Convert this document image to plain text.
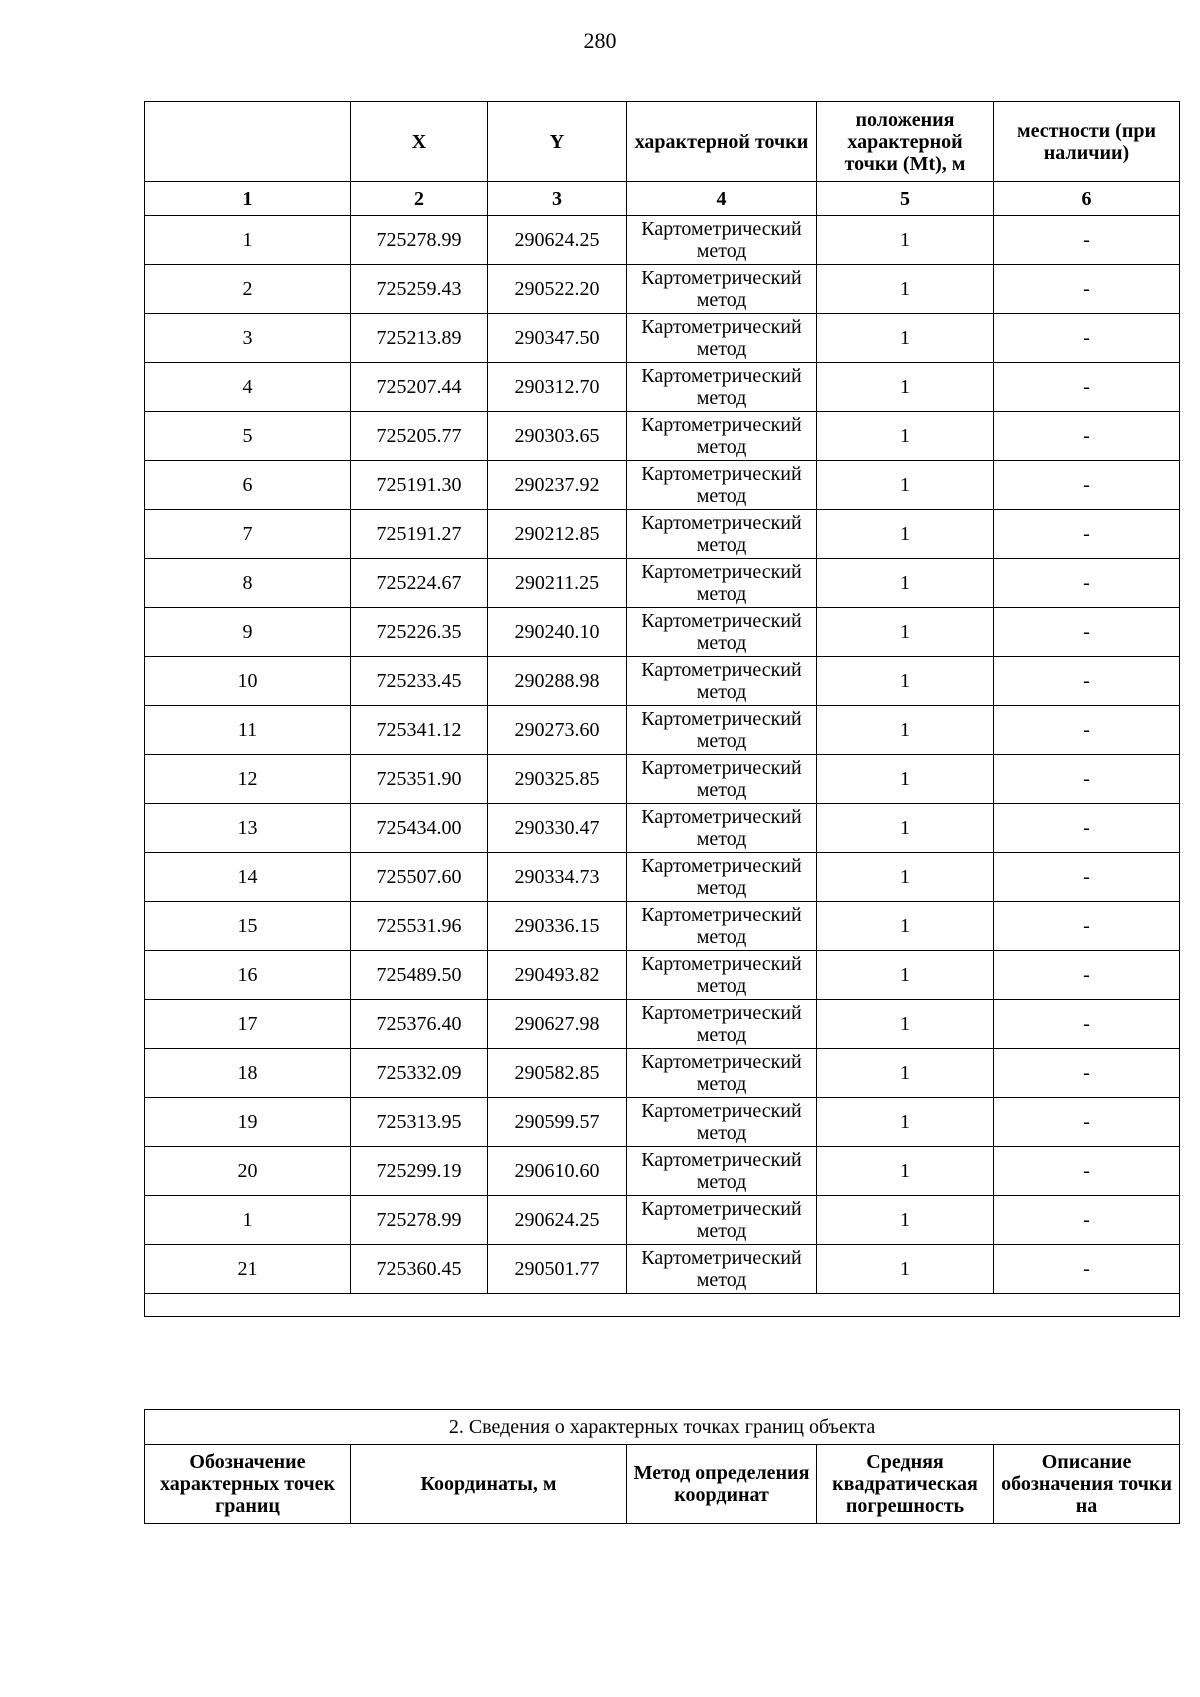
280
	X	Y	характерной точки	положения характерной точки (Mt), м	местности (при наличии)
1	2	3	4	5	6
1	725278.99	290624.25	Картометрический метод	1	-
2	725259.43	290522.20	Картометрический метод	1	-
3	725213.89	290347.50	Картометрический метод	1	-
4	725207.44	290312.70	Картометрический метод	1	-
5	725205.77	290303.65	Картометрический метод	1	-
6	725191.30	290237.92	Картометрический метод	1	-
7	725191.27	290212.85	Картометрический метод	1	-
8	725224.67	290211.25	Картометрический метод	1	-
9	725226.35	290240.10	Картометрический метод	1	-
10	725233.45	290288.98	Картометрический метод	1	-
11	725341.12	290273.60	Картометрический метод	1	-
12	725351.90	290325.85	Картометрический метод	1	-
13	725434.00	290330.47	Картометрический метод	1	-
14	725507.60	290334.73	Картометрический метод	1	-
15	725531.96	290336.15	Картометрический метод	1	-
16	725489.50	290493.82	Картометрический метод	1	-
17	725376.40	290627.98	Картометрический метод	1	-
18	725332.09	290582.85	Картометрический метод	1	-
19	725313.95	290599.57	Картометрический метод	1	-
20	725299.19	290610.60	Картометрический метод	1	-
1	725278.99	290624.25	Картометрический метод	1	-
21	725360.45	290501.77	Картометрический метод	1	-

2. Сведения о характерных точках границ объекта
Обозначение характерных точек границ	Координаты, м	Метод определения координат	Средняя квадратическая погрешность	Описание обозначения точки на
